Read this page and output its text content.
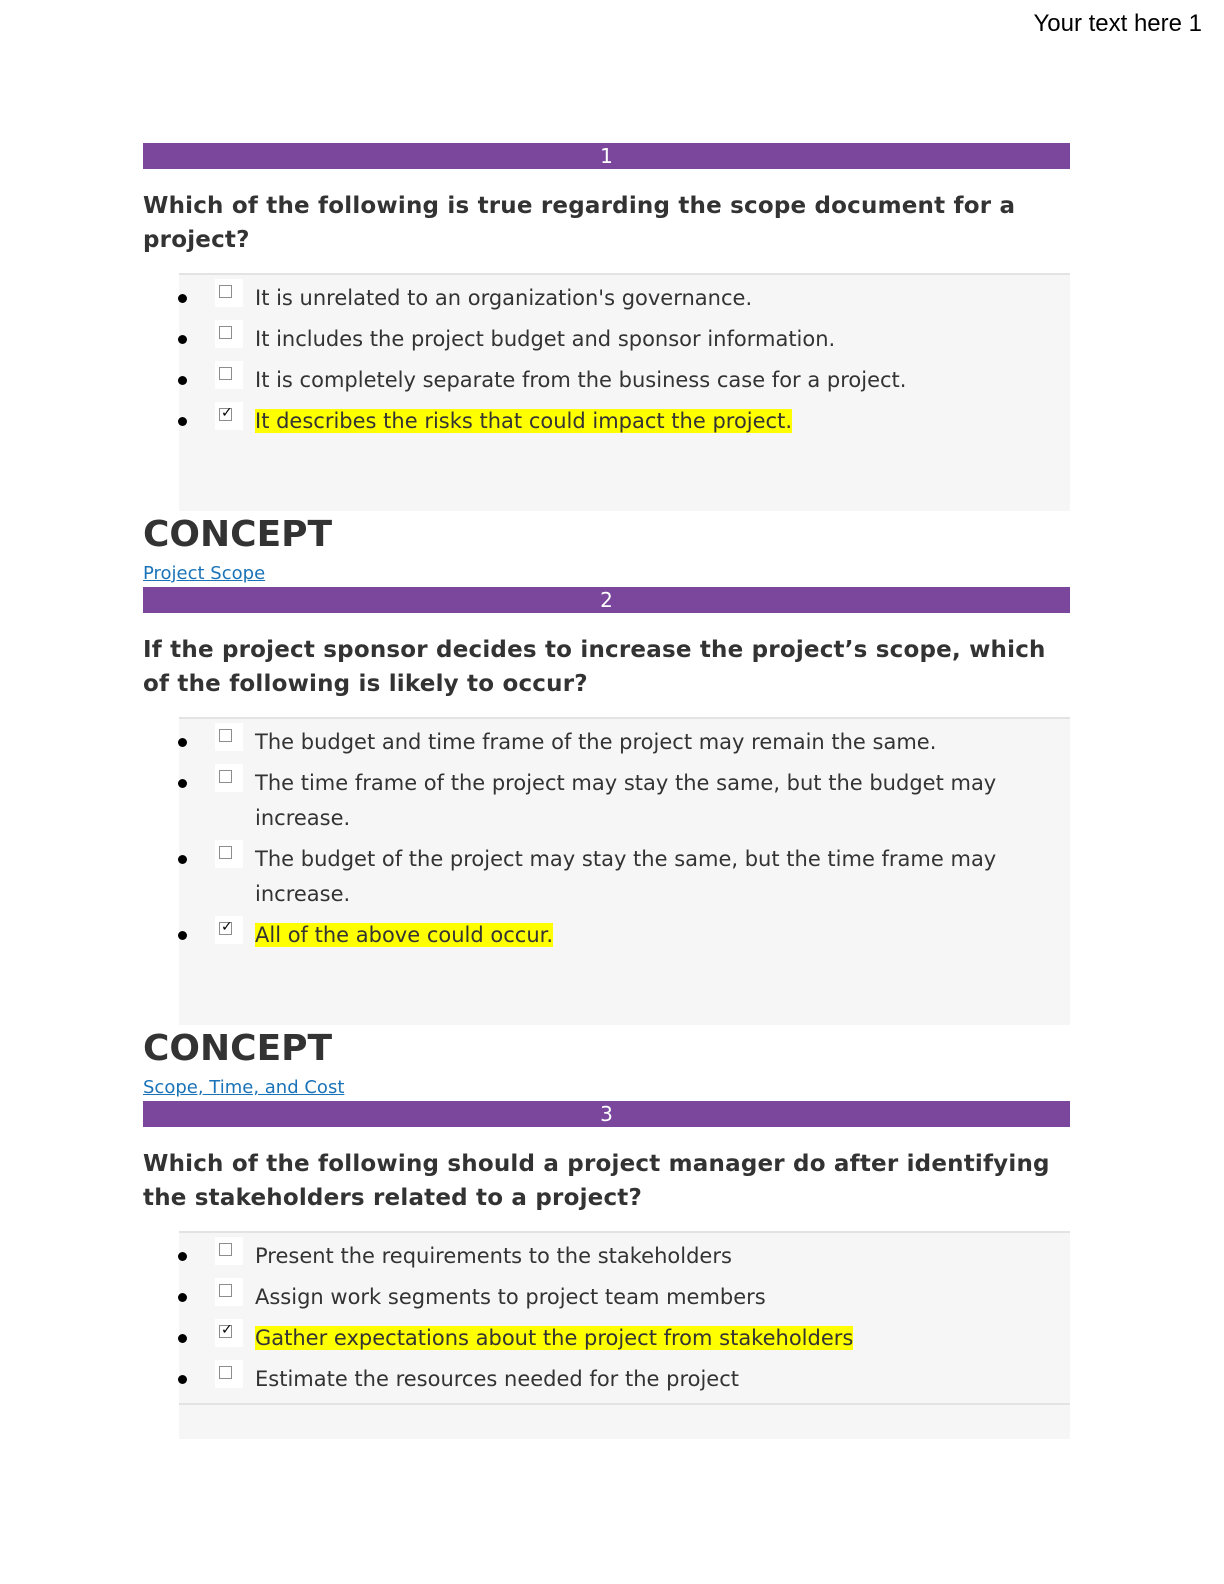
Your text here 1
1

Which of the following is true regarding the scope document for a project?

It is unrelated to an organization's governance.
It includes the project budget and sponsor information.
It is completely separate from the business case for a project.
✓ It describes the risks that could impact the project.
CONCEPT
Project Scope
2

If the project sponsor decides to increase the project’s scope, which of the following is likely to occur?

The budget and time frame of the project may remain the same.
The time frame of the project may stay the same, but the budget may increase.
The budget of the project may stay the same, but the time frame may increase.
✓ All of the above could occur.
CONCEPT
Scope, Time, and Cost
3

Which of the following should a project manager do after identifying the stakeholders related to a project?

Present the requirements to the stakeholders
Assign work segments to project team members
✓ Gather expectations about the project from stakeholders
Estimate the resources needed for the project
